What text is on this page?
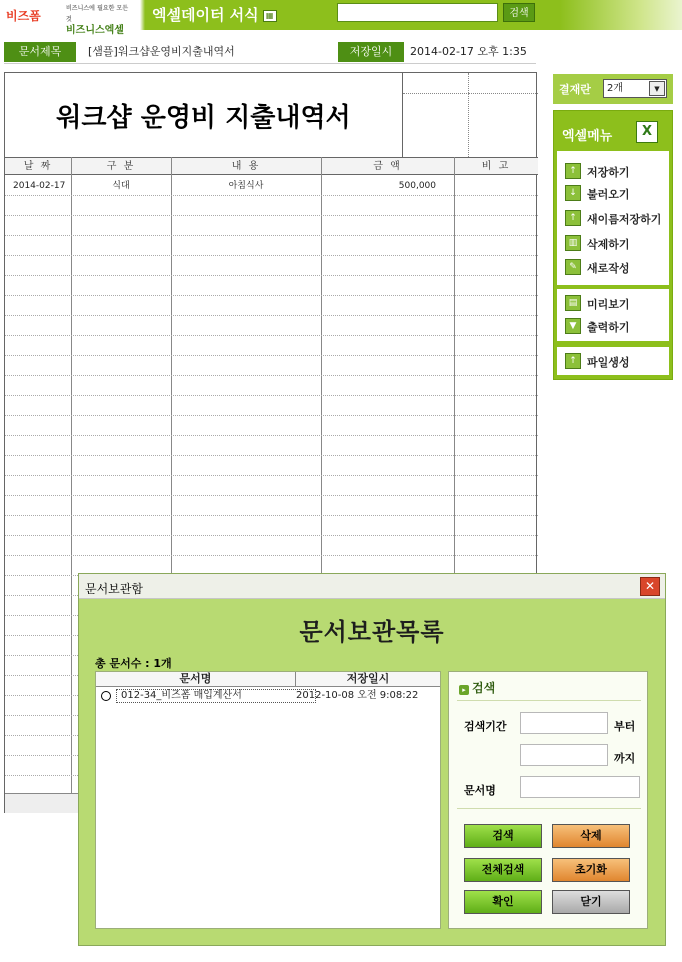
비즈폼
비즈니스에 필요한 모든것
비즈니스엑셀
엑셀데이터 서식 ▦	검색
문서제목	[샘플]워크샵운영비지출내역서	저장일시	2014-02-17 오후 1:35
워크샵 운영비 지출내역서
날 짜	구 분	내 용	금 액	비 고
2014-02-17	식대	아침식사	500,000
결재란	2개	▼
엑셀메뉴	X
↑ 저장하기
↓ 불러오기
↑ 새이름저장하기
▥ 삭제하기
✎ 새로작성
▤ 미리보기
▼ 출력하기
↑ 파일생성
문서보관함	✕
문서보관목록
총 문서수 : 1개
문서명	저장일시
012-34_비즈폼 매입계산서	2012-10-08 오전 9:08:22	▸ 검색
검색기간	부터
까지
문서명
검색	삭제
전체검색	초기화
확인	닫기
